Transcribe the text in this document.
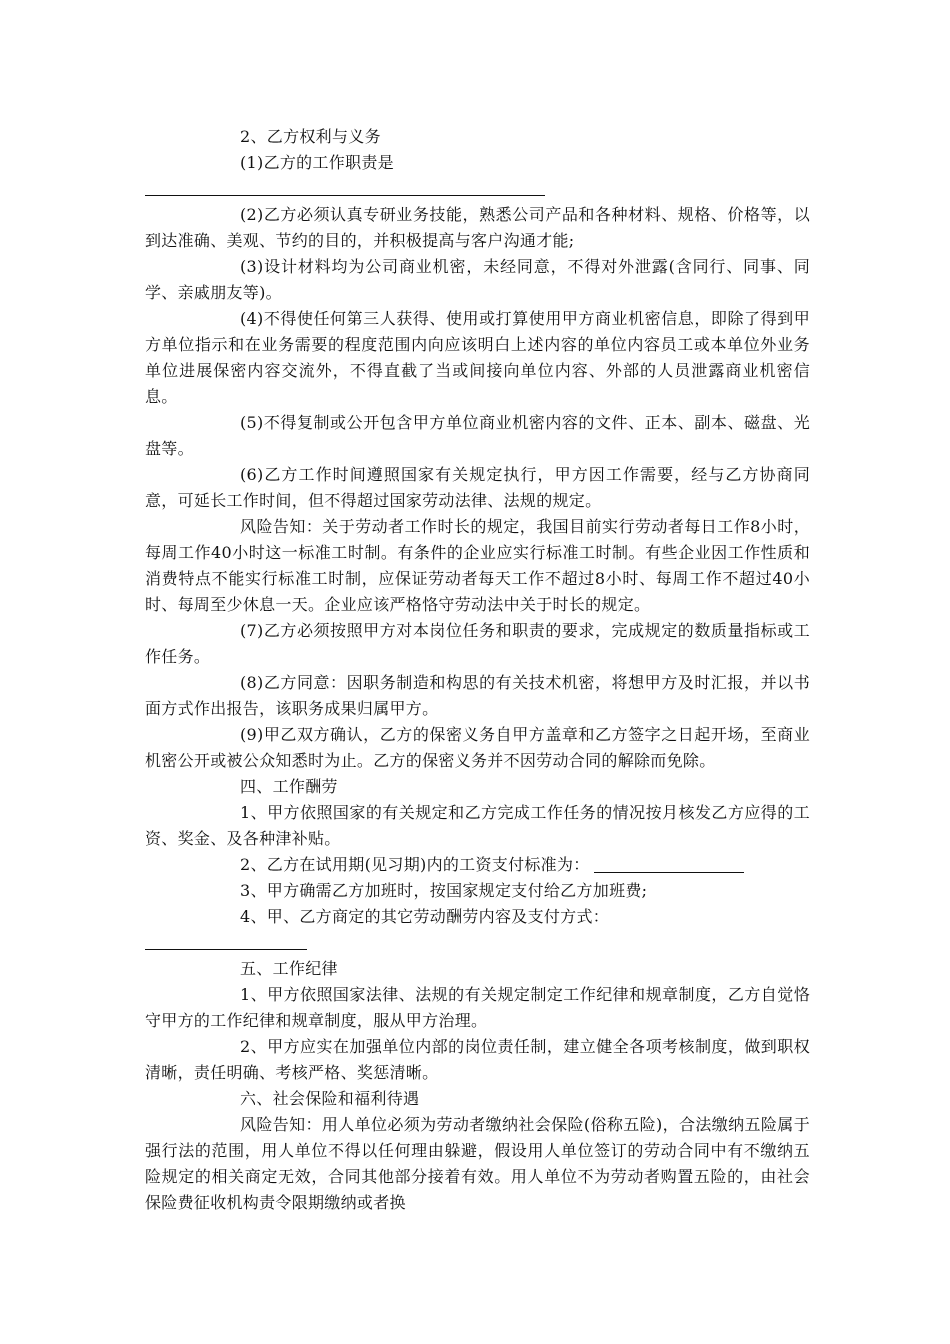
2、乙方权利与义务

(1)乙方的工作职责是

(2)乙方必须认真专研业务技能，熟悉公司产品和各种材料、规格、价格等，以到达准确、美观、节约的目的，并积极提高与客户沟通才能;

(3)设计材料均为公司商业机密，未经同意，不得对外泄露(含同行、同事、同学、亲戚朋友等)。

(4)不得使任何第三人获得、使用或打算使用甲方商业机密信息，即除了得到甲方单位指示和在业务需要的程度范围内向应该明白上述内容的单位内容员工或本单位外业务单位进展保密内容交流外，不得直截了当或间接向单位内容、外部的人员泄露商业机密信息。

(5)不得复制或公开包含甲方单位商业机密内容的文件、正本、副本、磁盘、光盘等。

(6)乙方工作时间遵照国家有关规定执行，甲方因工作需要，经与乙方协商同意，可延长工作时间，但不得超过国家劳动法律、法规的规定。

风险告知：关于劳动者工作时长的规定，我国目前实行劳动者每日工作8小时，每周工作40小时这一标准工时制。有条件的企业应实行标准工时制。有些企业因工作性质和消费特点不能实行标准工时制，应保证劳动者每天工作不超过8小时、每周工作不超过40小时、每周至少休息一天。企业应该严格恪守劳动法中关于时长的规定。

(7)乙方必须按照甲方对本岗位任务和职责的要求，完成规定的数质量指标或工作任务。

(8)乙方同意：因职务制造和构思的有关技术机密，将想甲方及时汇报，并以书面方式作出报告，该职务成果归属甲方。

(9)甲乙双方确认，乙方的保密义务自甲方盖章和乙方签字之日起开场，至商业机密公开或被公众知悉时为止。乙方的保密义务并不因劳动合同的解除而免除。

四、工作酬劳

1、甲方依照国家的有关规定和乙方完成工作任务的情况按月核发乙方应得的工资、奖金、及各种津补贴。

2、乙方在试用期(见习期)内的工资支付标准为：

3、甲方确需乙方加班时，按国家规定支付给乙方加班费;

4、甲、乙方商定的其它劳动酬劳内容及支付方式：

五、工作纪律

1、甲方依照国家法律、法规的有关规定制定工作纪律和规章制度，乙方自觉恪守甲方的工作纪律和规章制度，服从甲方治理。

2、甲方应实在加强单位内部的岗位责任制，建立健全各项考核制度，做到职权清晰，责任明确、考核严格、奖惩清晰。

六、社会保险和福利待遇

风险告知：用人单位必须为劳动者缴纳社会保险(俗称五险)，合法缴纳五险属于强行法的范围，用人单位不得以任何理由躲避，假设用人单位签订的劳动合同中有不缴纳五险规定的相关商定无效，合同其他部分接着有效。用人单位不为劳动者购置五险的，由社会保险费征收机构责令限期缴纳或者换
